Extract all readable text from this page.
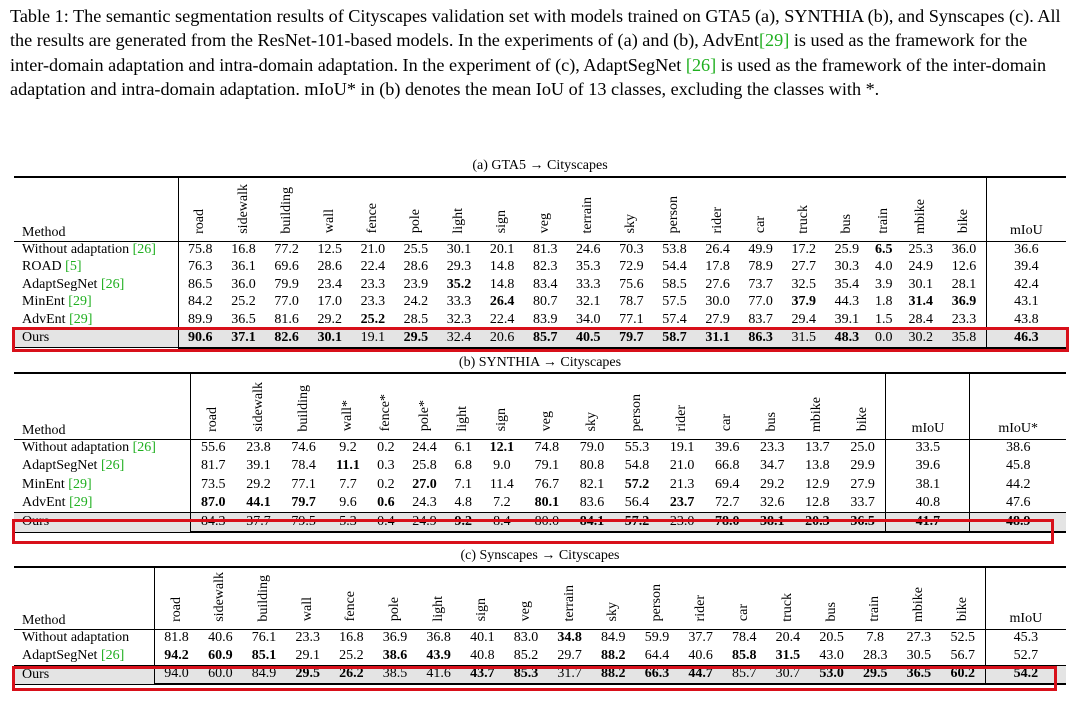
Table 1: The semantic segmentation results of Cityscapes validation set with models trained on GTA5 (a), SYNTHIA (b), and Synscapes (c). All the results are generated from the ResNet-101-based models. In the experiments of (a) and (b), AdvEnt[29] is used as the framework for the inter-domain adaptation and intra-domain adaptation. In the experiment of (c), AdaptSegNet [26] is used as the framework of the inter-domain adaptation and intra-domain adaptation. mIoU* in (b) denotes the mean IoU of 13 classes, excluding the classes with *.
(a) GTA5 → Cityscapes
Method	road	sidewalk	building	wall	fence	pole	light	sign	veg	terrain	sky	person	rider	car	truck	bus	train	mbike	bike	mIoU
Without adaptation [26]	75.8	16.8	77.2	12.5	21.0	25.5	30.1	20.1	81.3	24.6	70.3	53.8	26.4	49.9	17.2	25.9	6.5	25.3	36.0	36.6
ROAD [5]	76.3	36.1	69.6	28.6	22.4	28.6	29.3	14.8	82.3	35.3	72.9	54.4	17.8	78.9	27.7	30.3	4.0	24.9	12.6	39.4
AdaptSegNet [26]	86.5	36.0	79.9	23.4	23.3	23.9	35.2	14.8	83.4	33.3	75.6	58.5	27.6	73.7	32.5	35.4	3.9	30.1	28.1	42.4
MinEnt [29]	84.2	25.2	77.0	17.0	23.3	24.2	33.3	26.4	80.7	32.1	78.7	57.5	30.0	77.0	37.9	44.3	1.8	31.4	36.9	43.1
AdvEnt [29]	89.9	36.5	81.6	29.2	25.2	28.5	32.3	22.4	83.9	34.0	77.1	57.4	27.9	83.7	29.4	39.1	1.5	28.4	23.3	43.8
Ours	90.6	37.1	82.6	30.1	19.1	29.5	32.4	20.6	85.7	40.5	79.7	58.7	31.1	86.3	31.5	48.3	0.0	30.2	35.8	46.3
(b) SYNTHIA → Cityscapes
Method	road	sidewalk	building	wall*	fence*	pole*	light	sign	veg	sky	person	rider	car	bus	mbike	bike	mIoU	mIoU*
Without adaptation [26]	55.6	23.8	74.6	9.2	0.2	24.4	6.1	12.1	74.8	79.0	55.3	19.1	39.6	23.3	13.7	25.0	33.5	38.6
AdaptSegNet [26]	81.7	39.1	78.4	11.1	0.3	25.8	6.8	9.0	79.1	80.8	54.8	21.0	66.8	34.7	13.8	29.9	39.6	45.8
MinEnt [29]	73.5	29.2	77.1	7.7	0.2	27.0	7.1	11.4	76.7	82.1	57.2	21.3	69.4	29.2	12.9	27.9	38.1	44.2
AdvEnt [29]	87.0	44.1	79.7	9.6	0.6	24.3	4.8	7.2	80.1	83.6	56.4	23.7	72.7	32.6	12.8	33.7	40.8	47.6
Ours	84.3	37.7	79.5	5.3	0.4	24.9	9.2	8.4	80.0	84.1	57.2	23.0	78.0	38.1	20.3	36.5	41.7	48.9
(c) Synscapes → Cityscapes
Method	road	sidewalk	building	wall	fence	pole	light	sign	veg	terrain	sky	person	rider	car	truck	bus	train	mbike	bike	mIoU
Without adaptation	81.8	40.6	76.1	23.3	16.8	36.9	36.8	40.1	83.0	34.8	84.9	59.9	37.7	78.4	20.4	20.5	7.8	27.3	52.5	45.3
AdaptSegNet [26]	94.2	60.9	85.1	29.1	25.2	38.6	43.9	40.8	85.2	29.7	88.2	64.4	40.6	85.8	31.5	43.0	28.3	30.5	56.7	52.7
Ours	94.0	60.0	84.9	29.5	26.2	38.5	41.6	43.7	85.3	31.7	88.2	66.3	44.7	85.7	30.7	53.0	29.5	36.5	60.2	54.2
